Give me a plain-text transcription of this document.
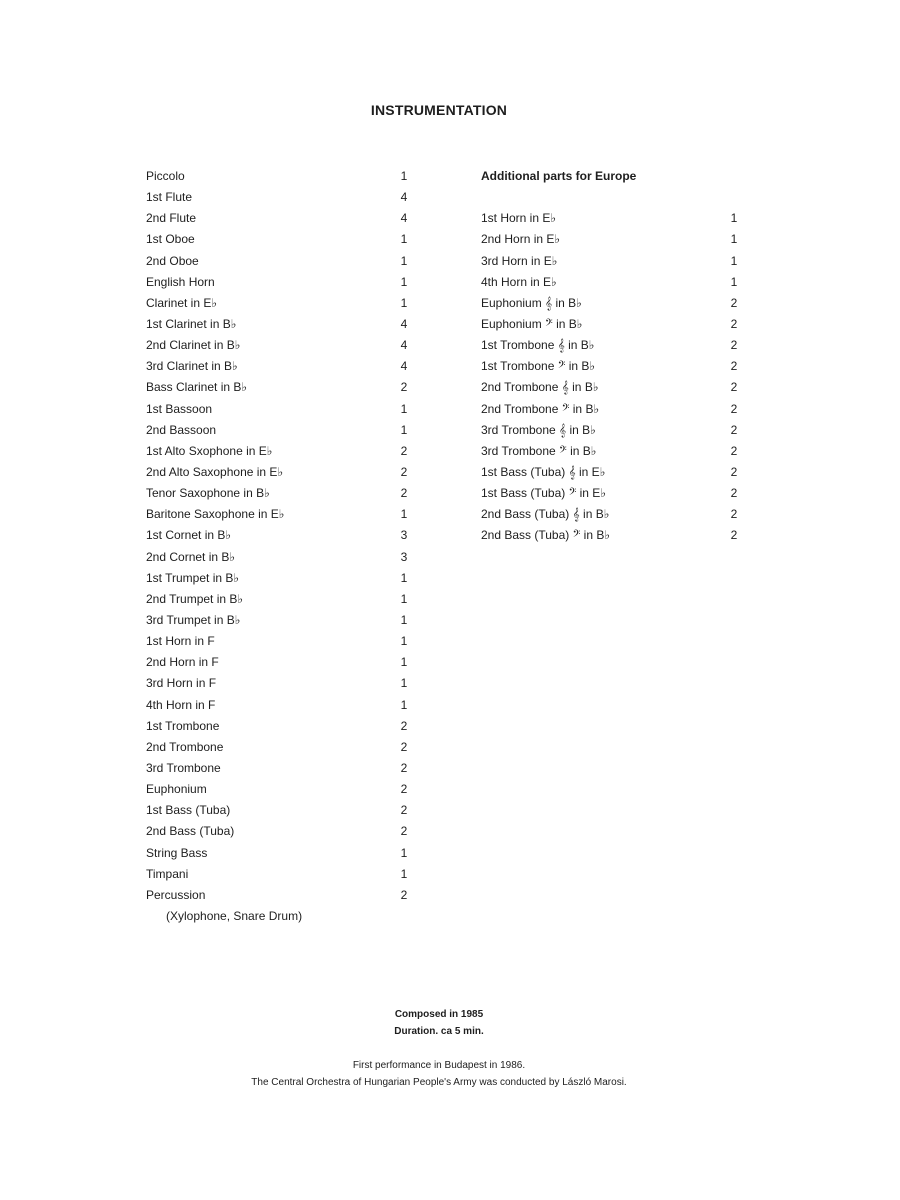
INSTRUMENTATION
Piccolo	1
1st Flute	4
2nd Flute	4
1st Oboe	1
2nd Oboe	1
English Horn	1
Clarinet in E♭	1
1st Clarinet in B♭	4
2nd Clarinet in B♭	4
3rd Clarinet in B♭	4
Bass Clarinet in B♭	2
1st Bassoon	1
2nd Bassoon	1
1st Alto Sxophone in E♭	2
2nd Alto Saxophone in E♭	2
Tenor Saxophone in B♭	2
Baritone Saxophone in E♭	1
1st Cornet in B♭	3
2nd Cornet in B♭	3
1st Trumpet in B♭	1
2nd Trumpet in B♭	1
3rd Trumpet in B♭	1
1st Horn in F	1
2nd Horn in F	1
3rd Horn in F	1
4th Horn in F	1
1st Trombone	2
2nd Trombone	2
3rd Trombone	2
Euphonium	2
1st Bass (Tuba)	2
2nd Bass (Tuba)	2
String Bass	1
Timpani	1
Percussion	2
(Xylophone, Snare Drum)
Additional parts for Europe
1st Horn in E♭	1
2nd Horn in E♭	1
3rd Horn in E♭	1
4th Horn in E♭	1
Euphonium 𝄞 in B♭	2
Euphonium 𝄢 in B♭	2
1st Trombone 𝄞 in B♭	2
1st Trombone 𝄢 in B♭	2
2nd Trombone 𝄞 in B♭	2
2nd Trombone 𝄢 in B♭	2
3rd Trombone 𝄞 in B♭	2
3rd Trombone 𝄢 in B♭	2
1st Bass (Tuba) 𝄞 in E♭	2
1st Bass (Tuba) 𝄢 in E♭	2
2nd Bass (Tuba) 𝄞 in B♭	2
2nd Bass (Tuba) 𝄢 in B♭	2
Composed in 1985
Duration. ca 5 min.
First performance in Budapest in 1986.
The Central Orchestra of Hungarian People's Army was conducted by László Marosi.
